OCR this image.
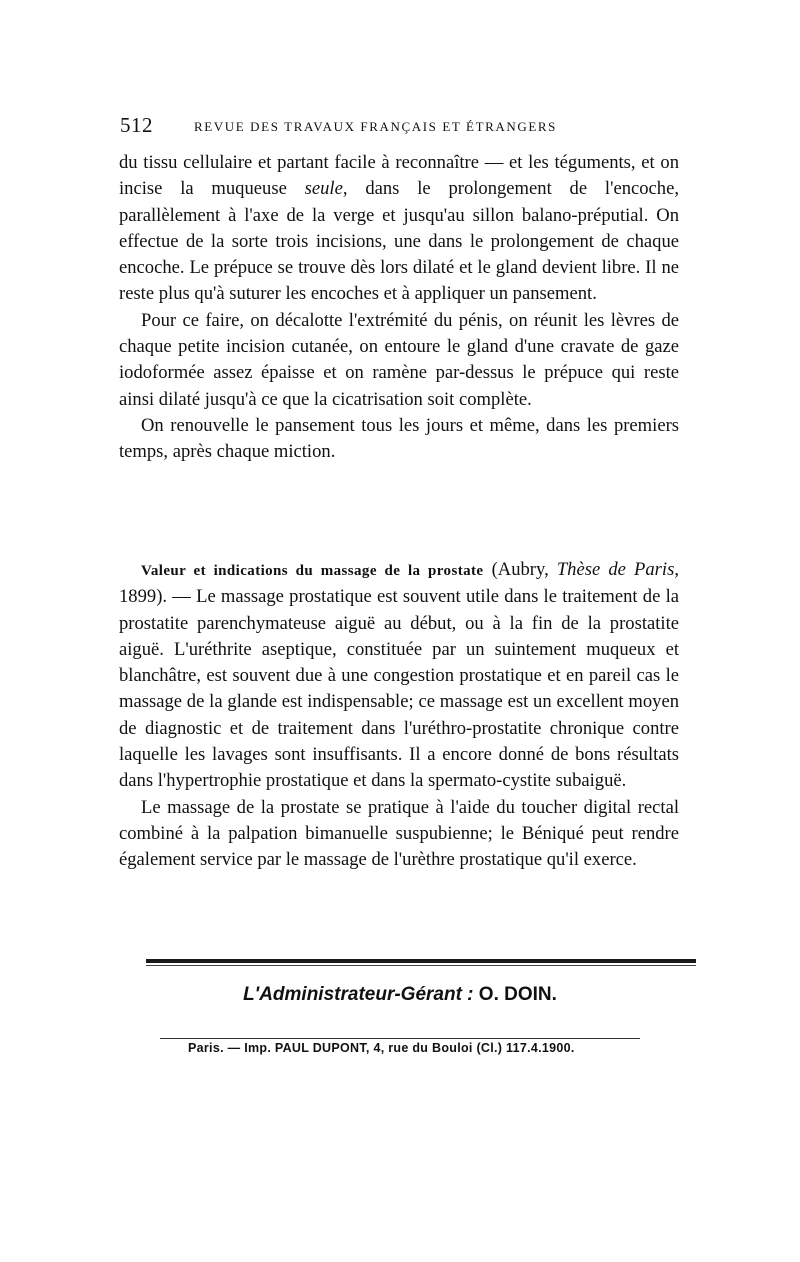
512	REVUE DES TRAVAUX FRANÇAIS ET ÉTRANGERS

du tissu cellulaire et partant facile à reconnaître — et les téguments, et on incise la muqueuse seule, dans le prolongement de l'encoche, parallèlement à l'axe de la verge et jusqu'au sillon balano-préputial. On effectue de la sorte trois incisions, une dans le prolongement de chaque encoche. Le prépuce se trouve dès lors dilaté et le gland devient libre. Il ne reste plus qu'à suturer les encoches et à appliquer un pansement.

Pour ce faire, on décalotte l'extrémité du pénis, on réunit les lèvres de chaque petite incision cutanée, on entoure le gland d'une cravate de gaze iodoformée assez épaisse et on ramène par-dessus le prépuce qui reste ainsi dilaté jusqu'à ce que la cicatrisation soit complète.

On renouvelle le pansement tous les jours et même, dans les premiers temps, après chaque miction.

Valeur et indications du massage de la prostate (Aubry, Thèse de Paris, 1899). — Le massage prostatique est souvent utile dans le traitement de la prostatite parenchymateuse aiguë au début, ou à la fin de la prostatite aiguë. L'uréthrite aseptique, constituée par un suintement muqueux et blanchâtre, est souvent due à une congestion prostatique et en pareil cas le massage de la glande est indispensable; ce massage est un excellent moyen de diagnostic et de traitement dans l'uréthro-prostatite chronique contre laquelle les lavages sont insuffisants. Il a encore donné de bons résultats dans l'hypertrophie prostatique et dans la spermato-cystite subaiguë.

Le massage de la prostate se pratique à l'aide du toucher digital rectal combiné à la palpation bimanuelle suspubienne; le Béniqué peut rendre également service par le massage de l'urèthre prostatique qu'il exerce.

L'Administrateur-Gérant : O. DOIN.
Paris. — Imp. PAUL DUPONT, 4, rue du Bouloi (Cl.) 117.4.1900.
